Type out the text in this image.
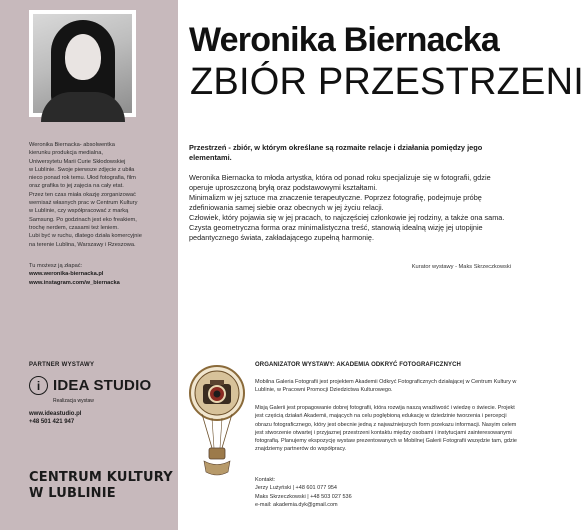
Weronika Biernacka- absolwentka
kierunku produkcja medialna,
Uniwersytetu Marii Curie Skłodowskiej
w Lublinie. Swoje pierwsze zdjęcie z ubiła
nieco ponad rok temu. Ułod fotografia, film
oraz grafika to jej zajęcia na cały etat.
Przez ten czas miała okazję zorganizować
wernisaż własnych prac w Centrum Kultury
w Lublinie, czy współpracować z marką
Samsung. Po godzinach jest eko freakiem,
trochę nerdem, czasami też leniem.
Lubi być w ruchu, dlatego działa komercyjnie
na terenie Lublina, Warszawy i Rzeszowa.
Tu możesz ją złapać:
www.weronika-biernacka.pl
www.instagram.com/w_biernacka
PARTNER WYSTAWY
i IDEA STUDIO
Realizacja wystaw
www.ideastudio.pl
+48 501 421 947
CENTRUM KULTURY
W LUBLINIE
Weronika Biernacka
ZBIÓR PRZESTRZENI
Przestrzeń - zbiór, w którym określane są rozmaite relacje i działania pomiędzy jego elementami.
Weronika Biernacka to młoda artystka, która od ponad roku specjalizuje się w fotografii, gdzie operuje uproszczoną bryłą oraz podstawowymi kształtami.
Minimalizm w jej sztuce ma znaczenie terapeutyczne. Poprzez fotografię, podejmuje próbę zdefiniowania samej siebie oraz obecnych w jej życiu relacji.
Człowiek, który pojawia się w jej pracach, to najczęściej członkowie jej rodziny, a także ona sama. Czysta geometryczna forma oraz minimalistyczna treść, stanowią idealną wizję jej utopijnie pedantycznego świata, zakładającego zupełną harmonię.
Kurator wystawy - Maks Skrzeczkowski
ORGANIZATOR WYSTAWY: AKADEMIA ODKRYĆ FOTOGRAFICZNYCH
Mobilna Galeria Fotografii jest projektem Akademii Odkryć Fotograficznych działającej w Centrum Kultury w Lublinie, w Pracowni Promocji Dziedzictwa Kulturowego.
Misją Galerii jest propagowanie dobrej fotografii, która rozwija naszą wrażliwość i wiedzę o świecie. Projekt jest częścią działań Akademii, mających na celu pogłębioną edukację w dziedzinie tworzenia i percepcji obrazu fotograficznego, który jest obecnie jedną z najważniejszych form przekazu informacji. Nasyim celem jest stworzenie otwartej i przyjaznej przestrzeni kontaktu między osobami i instytucjami zainteresowanymi fotografią. Planujemy ekspozycję wystaw prezentowanych w Mobilnej Galerii Fotografii wszędzie tam, gdzie znajdziemy partnerów do współpracy.
Kontakt:
Jerzy Lużyński | +48 601 077 954
Maks Skrzeczkowski | +48 503 027 536
e-mail: akademia.dyk@gmail.com
